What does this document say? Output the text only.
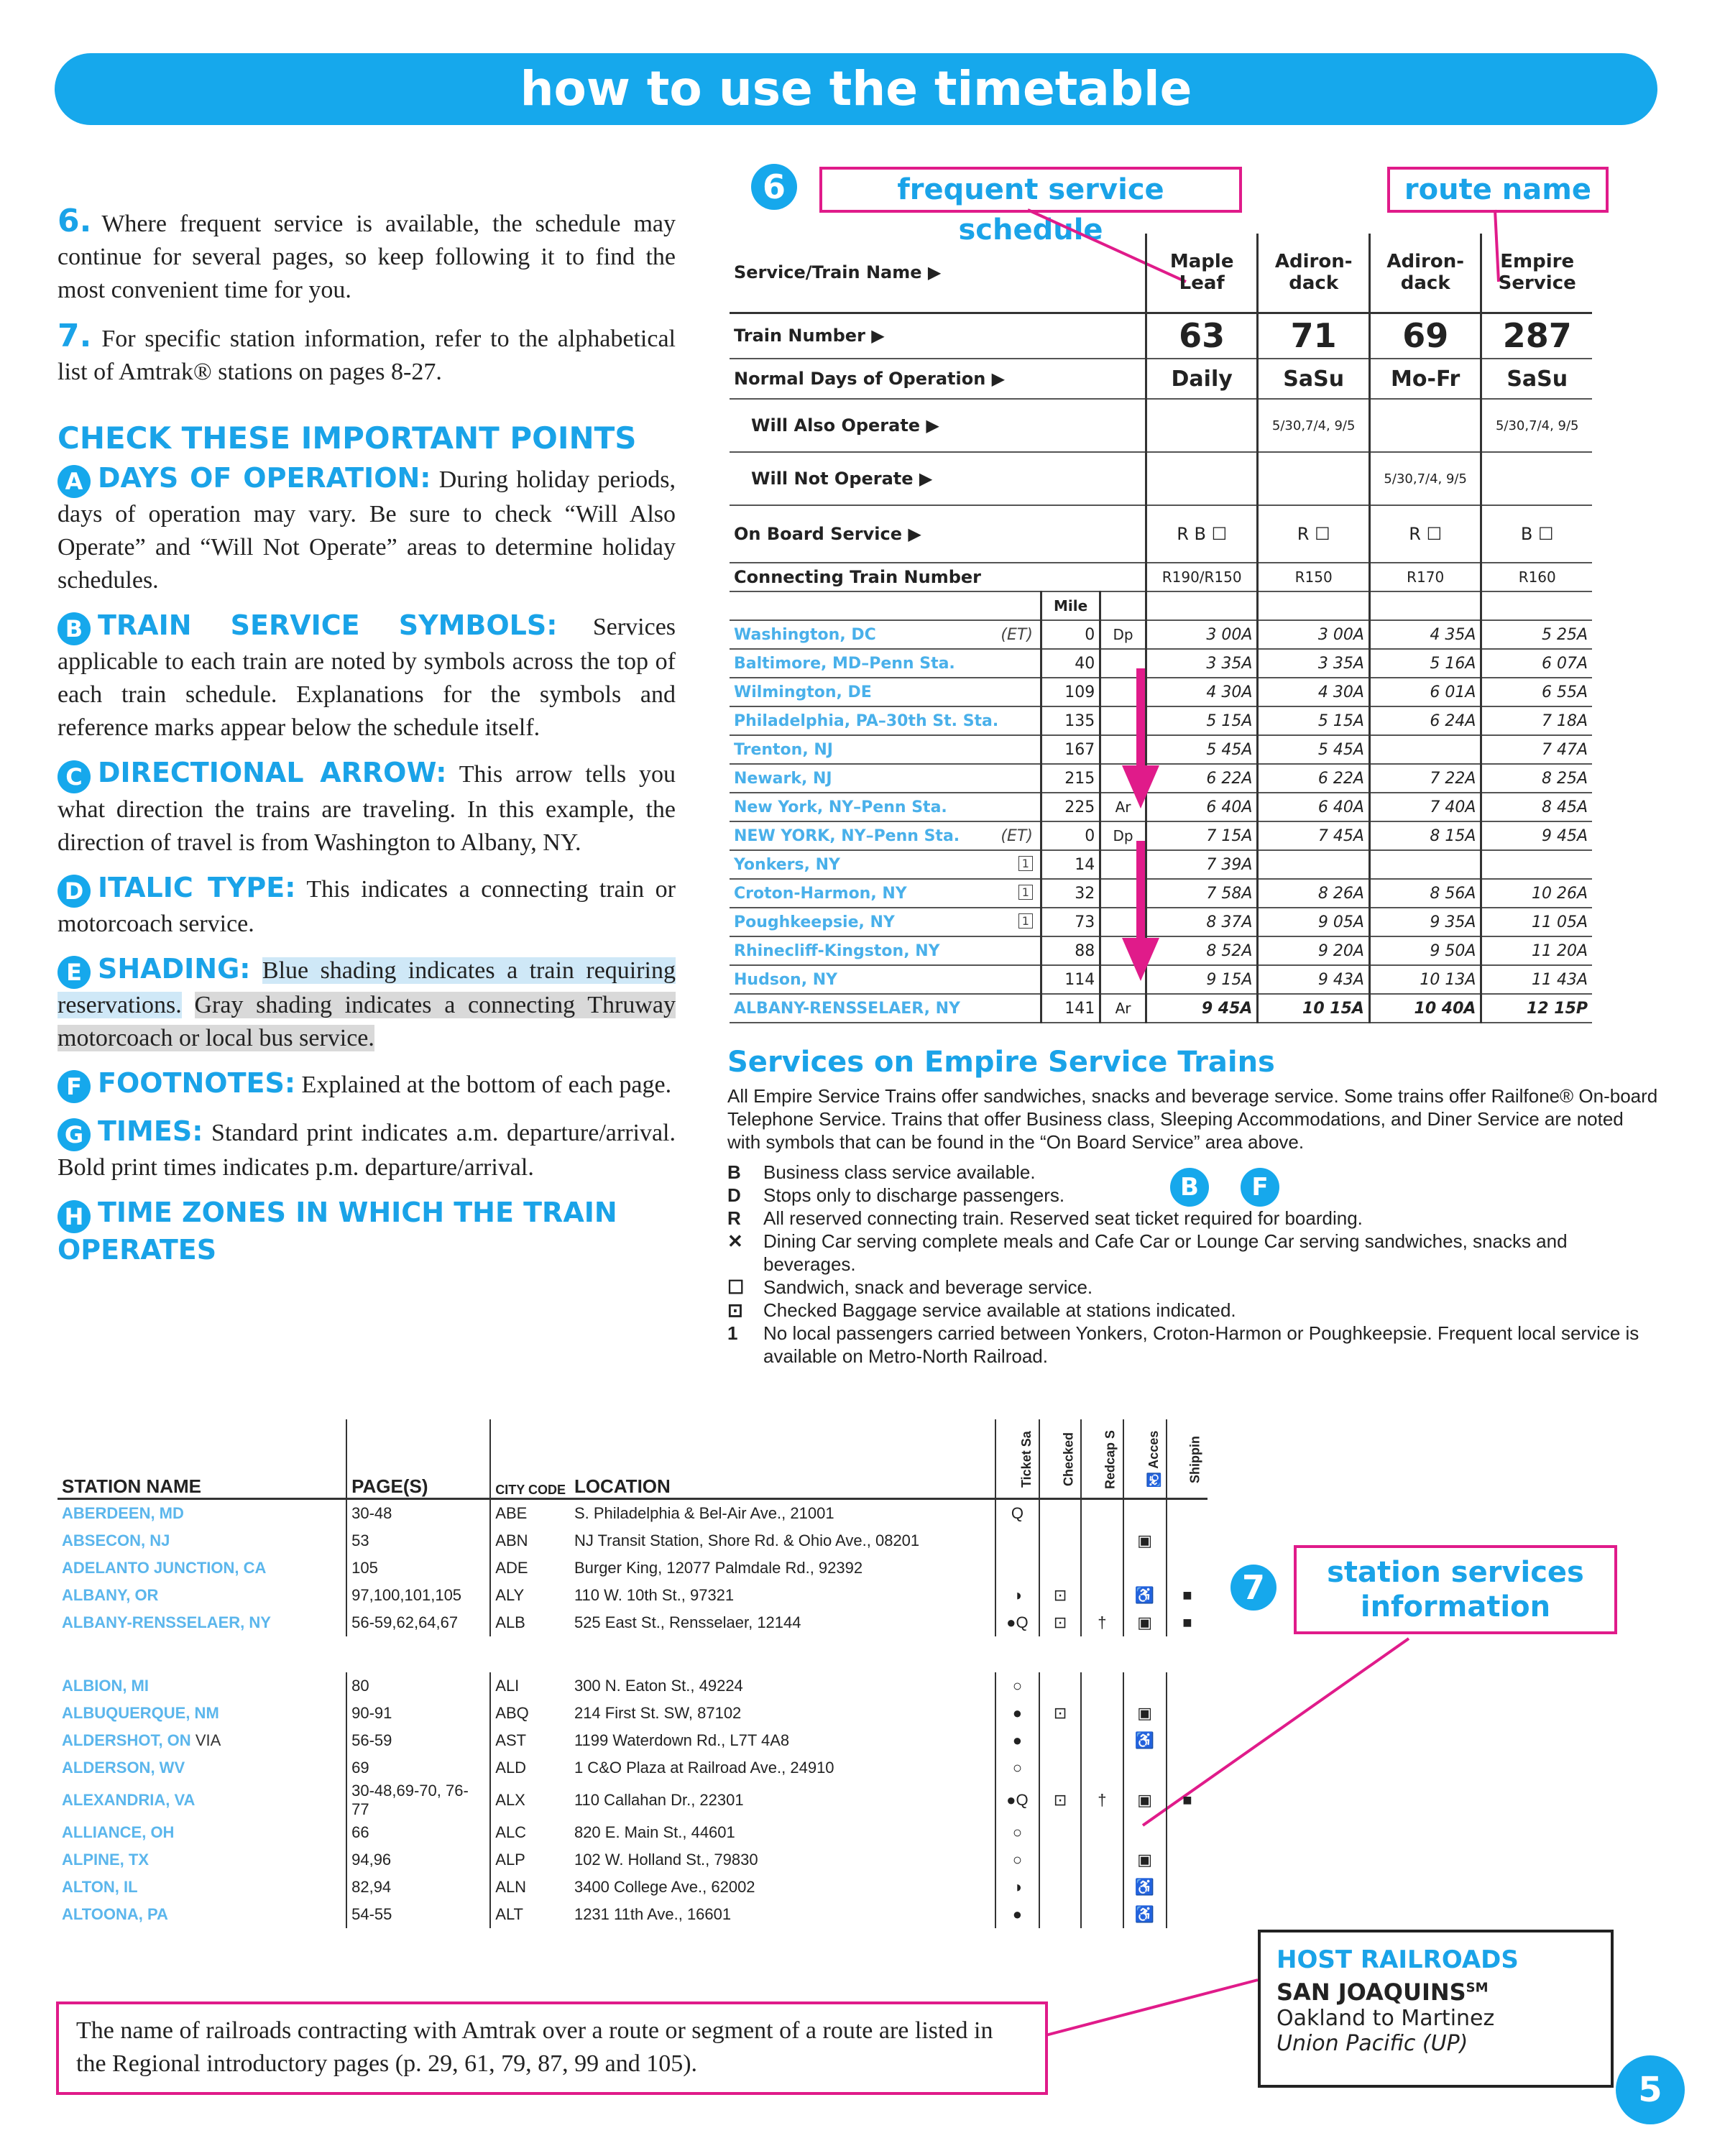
how to use the timetable
6. Where frequent service is available, the schedule may continue for several pages, so keep following it to find the most convenient time for you.
7. For specific station information, refer to the alphabetical list of Amtrak® stations on pages 8-27.
CHECK THESE IMPORTANT POINTS
A DAYS OF OPERATION: During holiday periods, days of operation may vary. Be sure to check “Will Also Operate” and “Will Not Operate” areas to determine holiday schedules.
B TRAIN SERVICE SYMBOLS: Services applicable to each train are noted by symbols across the top of each train schedule. Explanations for the symbols and reference marks appear below the schedule itself.
C DIRECTIONAL ARROW: This arrow tells you what direction the trains are traveling. In this example, the direction of travel is from Washington to Albany, NY.
D ITALIC TYPE: This indicates a connecting train or motorcoach service.
E SHADING: Blue shading indicates a train requiring reservations. Gray shading indicates a connecting Thruway motorcoach or local bus service.
F FOOTNOTES: Explained at the bottom of each page.
G TIMES: Standard print indicates a.m. departure/arrival. Bold print times indicates p.m. departure/arrival.
H TIME ZONES IN WHICH THE TRAIN OPERATES
6	frequent service schedule
route name
Service/Train Name ▶			Maple Leaf	Adiron-dack	Adiron-dack	Empire Service
Train Number ▶			63	71	69	287
Normal Days of Operation ▶			Daily	SaSu	Mo-Fr	SaSu
Will Also Operate ▶				5/30,7/4, 9/5		5/30,7/4, 9/5
Will Not Operate ▶					5/30,7/4, 9/5	
On Board Service ▶			R B ☐	R ☐	R ☐	B ☐
Connecting Train Number			R190/R150	R150	R170	R160
	Mile					
Washington, DC (ET)	0	Dp	3 00A	3 00A	4 35A	5 25A
Baltimore, MD–Penn Sta.	40		3 35A	3 35A	5 16A	6 07A
Wilmington, DE	109		4 30A	4 30A	6 01A	6 55A
Philadelphia, PA–30th St. Sta.	135		5 15A	5 15A	6 24A	7 18A
Trenton, NJ	167		5 45A	5 45A		7 47A
Newark, NJ	215		6 22A	6 22A	7 22A	8 25A
New York, NY–Penn Sta.	225	Ar	6 40A	6 40A	7 40A	8 45A
NEW YORK, NY–Penn Sta. (ET)	0	Dp	7 15A	7 45A	8 15A	9 45A
Yonkers, NY 1	14		7 39A			
Croton-Harmon, NY 1	32		7 58A	8 26A	8 56A	10 26A
Poughkeepsie, NY 1	73		8 37A	9 05A	9 35A	11 05A
Rhinecliff-Kingston, NY	88		8 52A	9 20A	9 50A	11 20A
Hudson, NY	114		9 15A	9 43A	10 13A	11 43A
ALBANY-RENSSELAER, NY	141	Ar	9 45A	10 15A	10 40A	12 15P
Services on Empire Service Trains
All Empire Service Trains offer sandwiches, snacks and beverage service. Some trains offer Railfone® On-board Telephone Service. Trains that offer Business class, Sleeping Accommodations, and Diner Service are noted with symbols that can be found in the “On Board Service” area above.
B	Business class service available.
D	Stops only to discharge passengers.
R	All reserved connecting train. Reserved seat ticket required for boarding.
✕	Dining Car serving complete meals and Cafe Car or Lounge Car serving sandwiches, snacks and beverages.
☐	Sandwich, snack and beverage service.
⊡	Checked Baggage service available at stations indicated.
1	No local passengers carried between Yonkers, Croton-Harmon or Poughkeepsie. Frequent local service is available on Metro-North Railroad.
B	F
STATION NAME	PAGE(S)	CITY CODE	LOCATION	Ticket Sa	Checked	Redcap S	♿ Acces	Shippin
ABERDEEN, MD	30-48	ABE	S. Philadelphia & Bel-Air Ave., 21001	Q				
ABSECON, NJ	53	ABN	NJ Transit Station, Shore Rd. & Ohio Ave., 08201				▣	
ADELANTO JUNCTION, CA	105	ADE	Burger King, 12077 Palmdale Rd., 92392					
ALBANY, OR	97,100,101,105	ALY	110 W. 10th St., 97321	◑	⊡		♿	■
ALBANY-RENSSELAER, NY	56-59,62,64,67	ALB	525 East St., Rensselaer, 12144	●Q	⊡	†	▣	■
ALBION, MI	80	ALI	300 N. Eaton St., 49224	○				
ALBUQUERQUE, NM	90-91	ABQ	214 First St. SW, 87102	●	⊡		▣	
ALDERSHOT, ON VIA	56-59	AST	1199 Waterdown Rd., L7T 4A8	●			♿	
ALDERSON, WV	69	ALD	1 C&O Plaza at Railroad Ave., 24910	○				
ALEXANDRIA, VA	30-48,69-70, 76-77	ALX	110 Callahan Dr., 22301	●Q	⊡	†	▣	■
ALLIANCE, OH	66	ALC	820 E. Main St., 44601	○				
ALPINE, TX	94,96	ALP	102 W. Holland St., 79830	○			▣	
ALTON, IL	82,94	ALN	3400 College Ave., 62002	◑			♿	
ALTOONA, PA	54-55	ALT	1231 11th Ave., 16601	●			♿	
7	station services information
HOST RAILROADS
SAN JOAQUINS℠
Oakland to Martinez
Union Pacific (UP)
The name of railroads contracting with Amtrak over a route or segment of a route are listed in the Regional introductory pages (p. 29, 61, 79, 87, 99 and 105).
5
